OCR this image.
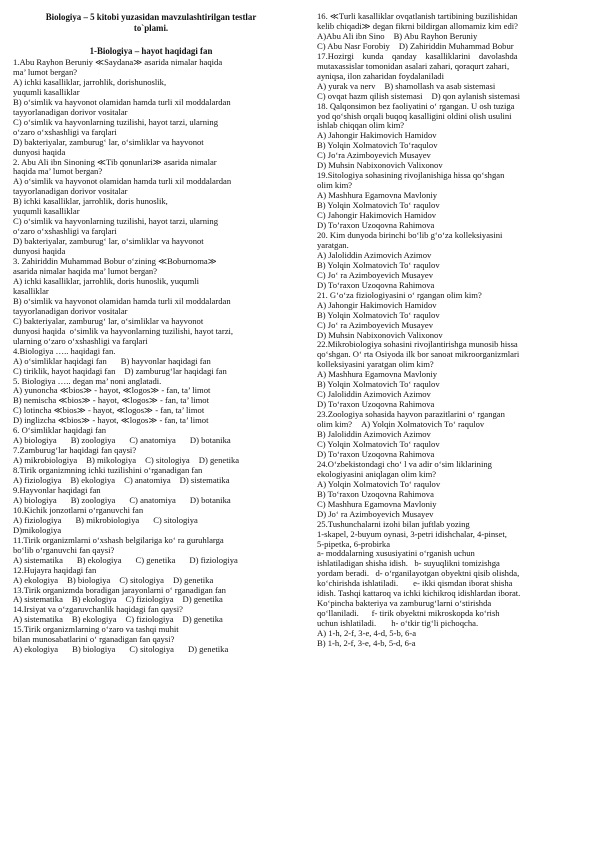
Biologiya – 5 kitobi yuzasidan mavzulashtirilgan testlar
to`plami.
1-Biologiya – hayot haqidagi fan
1.Abu Rayhon Beruniy ≪Saydana≫ asarida nimalar haqida
ma’ lumot bergan?
A) ichki kasalliklar, jarrohlik, dorishunoslik,
yuqumli kasalliklar
B) o‘simlik va hayvonot olamidan hamda turli xil moddalardan
tayyorlanadigan dorivor vositalar
C) o‘simlik va hayvonlarning tuzilishi, hayot tarzi, ularning
o‘zaro o‘xshashligi va farqlari
D) bakteriyalar, zamburug‘ lar, o‘simliklar va hayvonot
dunyosi haqida
2. Abu Ali ibn Sinoning ≪Tib qonunlari≫ asarida nimalar
haqida ma’ lumot bergan?
A) o‘simlik va hayvonot olamidan hamda turli xil moddalardan
tayyorlanadigan dorivor vositalar
B) ichki kasalliklar, jarrohlik, doris hunoslik,
yuqumli kasalliklar
C) o‘simlik va hayvonlarning tuzilishi, hayot tarzi, ularning
o‘zaro o‘xshashligi va farqlari
D) bakteriyalar, zamburug‘ lar, o‘simliklar va hayvonot
dunyosi haqida
3. Zahiriddin Muhammad Bobur o‘zining ≪Boburnoma≫
asarida nimalar haqida ma’ lumot bergan?
A) ichki kasalliklar, jarrohlik, doris hunoslik, yuqumli
kasalliklar
B) o‘simlik va hayvonot olamidan hamda turli xil moddalardan
tayyorlanadigan dorivor vositalar
C) bakteriyalar, zamburug‘ lar, o‘simliklar va hayvonot
dunyosi haqida  o‘simlik va hayvonlarning tuzilishi, hayot tarzi,
ularning o‘zaro o‘xshashligi va farqlari
4.Biologiya ….. haqidagi fan.
A) o‘simliklar haqidagi fan B) hayvonlar haqidagi fan
C) tiriklik, hayot haqidagi fan D) zamburug‘lar haqidagi fan
5. Biologiya ….. degan ma’ noni anglatadi.
A) yunoncha ≪bios≫ - hayot, ≪logos≫ - fan, ta’ limot
B) nemischa ≪bios≫ - hayot, ≪logos≫ - fan, ta’ limot
C) lotincha ≪bios≫ - hayot, ≪logos≫ - fan, ta’ limot
D) inglizcha ≪bios≫ - hayot, ≪logos≫ - fan, ta’ limot
6. O‘simliklar haqidagi fan
A) biologiya B) zoologiya C) anatomiya D) botanika
7.Zamburug‘lar haqidagi fan qaysi?
A) mikrobiologiya B) mikologiya C) sitologiya D) genetika
8.Tirik organizmning ichki tuzilishini o‘rganadigan fan
A) fiziologiya B) ekologiya C) anatomiya D) sistematika
9.Hayvonlar haqidagi fan
A) biologiya B) zoologiya C) anatomiya D) botanika
10.Kichik jonzotlarni o‘rganuvchi fan
A) fiziologiya B) mikrobiologiya C) sitologiya
D)mikologiya
11.Tirik organizmlarni o‘xshash belgilariga ko‘ ra guruhlarga
bo‘lib o‘rganuvchi fan qaysi?
A) sistematika B) ekologiya C) genetika D) fiziologiya
12.Hujayra haqidagi fan
A) ekologiya B) biologiya C) sitologiya D) genetika
13.Tirik organizmda boradigan jarayonlarni o‘ rganadigan fan
A) sistematika B) ekologiya C) fiziologiya D) genetika
14.Irsiyat va o‘zgaruvchanlik haqidagi fan qaysi?
A) sistematika B) ekologiya C) fiziologiya D) genetika
15.Tirik organizmlarning o‘zaro va tashqi muhit
bilan munosabatlarini o‘ rganadigan fan qaysi?
A) ekologiya B) biologiya C) sitologiya D) genetika
16. ≪Turli kasalliklar ovqatlanish tartibining buzilishidan
kelib chiqadi≫ degan fikrni bildirgan allomamiz kim edi?
A)Abu Ali ibn Sino B) Abu Rayhon Beruniy
C) Abu Nasr Forobiy D) Zahiriddin Muhammad Bobur
17.Hozirgi    kunda    qanday    kasalliklarini    davolashda
mutaxassislar tomonidan asalari zahari, qoraqurt zahari,
ayniqsa, ilon zaharidan foydalaniladi
A) yurak va nerv B) shamollash va asab sistemasi
C) ovqat hazm qilish sistemasi D) qon aylanish sistemasi
18. Qalqonsimon bez faoliyatini o‘ rgangan. U osh tuziga
yod qo‘shish orqali buqoq kasalligini oldini olish usulini
ishlab chiqqan olim kim?
A) Jahongir Hakimovich Hamidov
B) Yolqin Xolmatovich To‘raqulov
C) Jo‘ra Azimboyevich Musayev
D) Muhsin Nabixonovich Valixonov
19.Sitologiya sohasining rivojlanishiga hissa qo‘shgan
olim kim?
A) Mashhura Egamovna Mavloniy
B) Yolqin Xolmatovich To‘ raqulov
C) Jahongir Hakimovich Hamidov
D) To’raxon Uzoqovna Rahimova
20. Kim dunyoda birinchi bo‘lib g‘o‘za kolleksiyasini
yaratgan.
A) Jaloliddin Azimovich Azimov
B) Yolqin Xolmatovich To‘ raqulov
C) Jo‘ ra Azimboyevich Musayev
D) To‘raxon Uzoqovna Rahimova
21. G‘o‘za fiziologiyasini o‘ rgangan olim kim?
A) Jahongir Hakimovich Hamidov
B) Yolqin Xolmatovich To‘ raqulov
C) Jo‘ ra Azimboyevich Musayev
D) Muhsin Nabixonovich Valixonov
22.Mikrobiologiya sohasini rivojlantirishga munosib hissa
qo‘shgan. O‘ rta Osiyoda ilk bor sanoat mikroorganizmlari
kolleksiyasini yaratgan olim kim?
A) Mashhura Egamovna Mavloniy
B) Yolqin Xolmatovich To‘ raqulov
C) Jaloliddin Azimovich Azimov
D) To‘raxon Uzoqovna Rahimova
23.Zoologiya sohasida hayvon parazitlarini o‘ rgangan
olim kim? A) Yolqin Xolmatovich To‘ raqulov
B) Jaloliddin Azimovich Azimov
C) Yolqin Xolmatovich To‘ raqulov
D) To‘raxon Uzoqovna Rahimova
24.O‘zbekistondagi cho‘ l va adir o‘sim liklarining
ekologiyasini aniqlagan olim kim?
A) Yolqin Xolmatovich To‘ raqulov
B) To‘raxon Uzoqovna Rahimova
C) Mashhura Egamovna Mavloniy
D) Jo‘ ra Azimboyevich Musayev
25.Tushunchalarni izohi bilan juftlab yozing
1-skapel, 2-buyum oynasi, 3-petri idishchalar, 4-pinset,
5-pipetka, 6-probirka
a- moddalarning xususiyatini o‘rganish uchun
ishlatiladigan shisha idish.   b- suyuqlikni tomizishga
yordam beradi.   d- o‘rganilayotgan obyektni qisib olishda,
ko‘chirishda ishlatiladi.       e- ikki qismdan iborat shisha
idish. Tashqi kattaroq va ichki kichikroq idishlardan iborat.
Ko‘pincha bakteriya va zamburug‘larni o‘stirishda
qo‘llaniladi.      f- tirik obyektni mikroskopda ko‘rish
uchun ishlatiladi.       h- o‘tkir tig‘li pichoqcha.
A) 1-h, 2-f, 3-e, 4-d, 5-b, 6-a
B) 1-h, 2-f, 3-e, 4-b, 5-d, 6-a
